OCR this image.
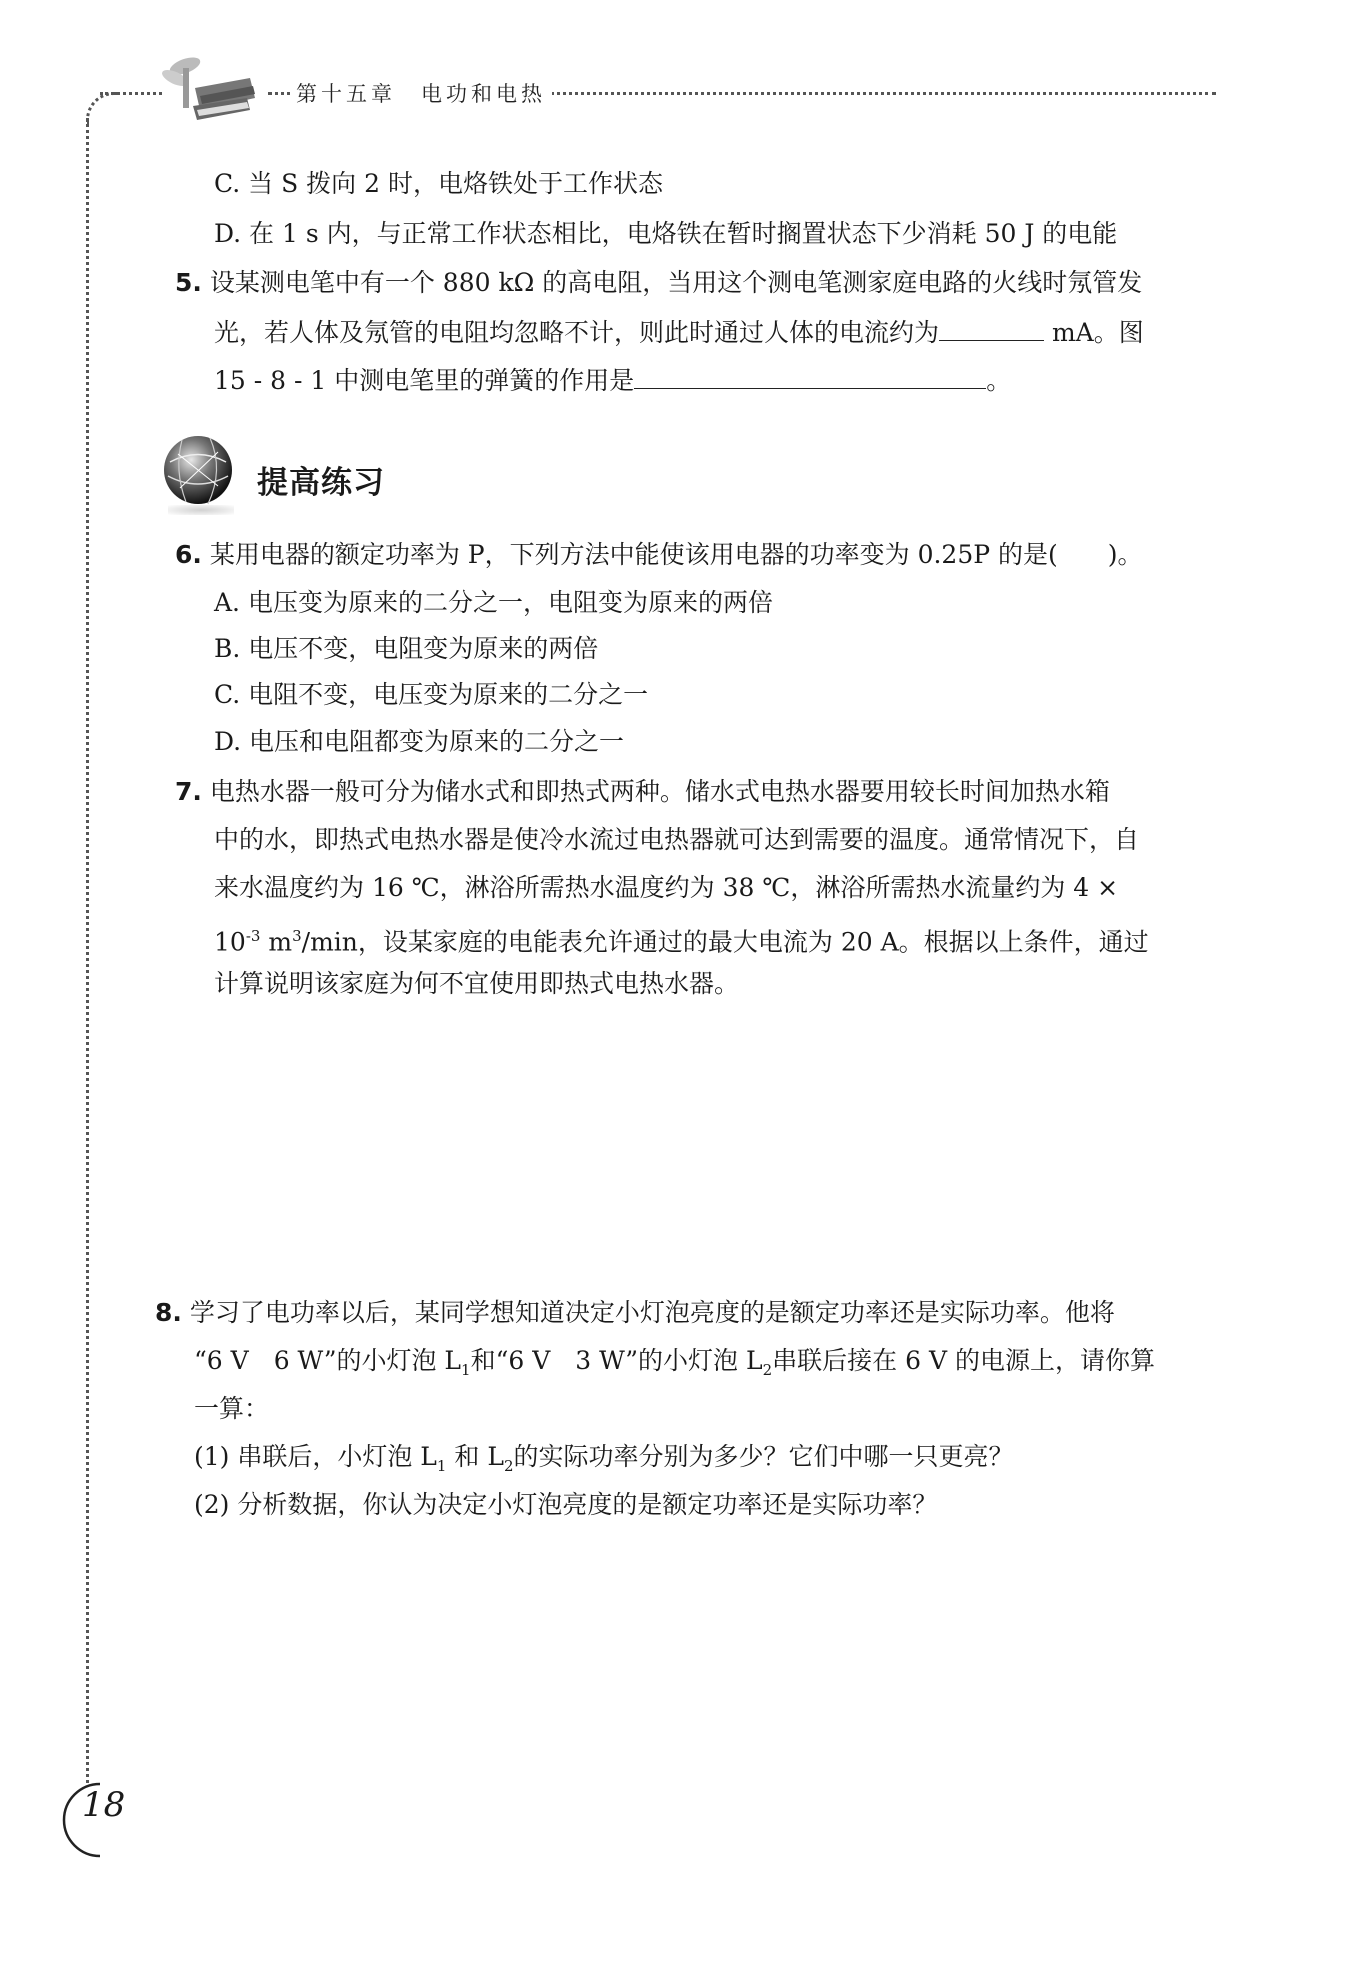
第十五章　电功和电热
C. 当 S 拨向 2 时，电烙铁处于工作状态
D. 在 1 s 内，与正常工作状态相比，电烙铁在暂时搁置状态下少消耗 50 J 的电能
5. 设某测电笔中有一个 880 kΩ 的高电阻，当用这个测电笔测家庭电路的火线时氖管发
光，若人体及氖管的电阻均忽略不计，则此时通过人体的电流约为	mA。图
15 - 8 - 1 中测电笔里的弹簧的作用是	。
提高练习
6. 某用电器的额定功率为 P，下列方法中能使该用电器的功率变为 0.25P 的是(　　)。
A. 电压变为原来的二分之一，电阻变为原来的两倍
B. 电压不变，电阻变为原来的两倍
C. 电阻不变，电压变为原来的二分之一
D. 电压和电阻都变为原来的二分之一
7. 电热水器一般可分为储水式和即热式两种。储水式电热水器要用较长时间加热水箱
中的水，即热式电热水器是使冷水流过电热器就可达到需要的温度。通常情况下，自
来水温度约为 16 ℃，淋浴所需热水温度约为 38 ℃，淋浴所需热水流量约为 4 ×
$10^{-3}$ $m^3/\min$，设某家庭的电能表允许通过的最大电流为 20 A。根据以上条件，通过
计算说明该家庭为何不宜使用即热式电热水器。
8. 学习了电功率以后，某同学想知道决定小灯泡亮度的是额定功率还是实际功率。他将
“6 V　6 W”的小灯泡 $L_1$和“6 V　3 W”的小灯泡 $L_2$串联后接在 6 V 的电源上，请你算
一算：
(1) 串联后，小灯泡 $L_1$ 和 $L_2$的实际功率分别为多少？它们中哪一只更亮？
(2) 分析数据，你认为决定小灯泡亮度的是额定功率还是实际功率？
18
